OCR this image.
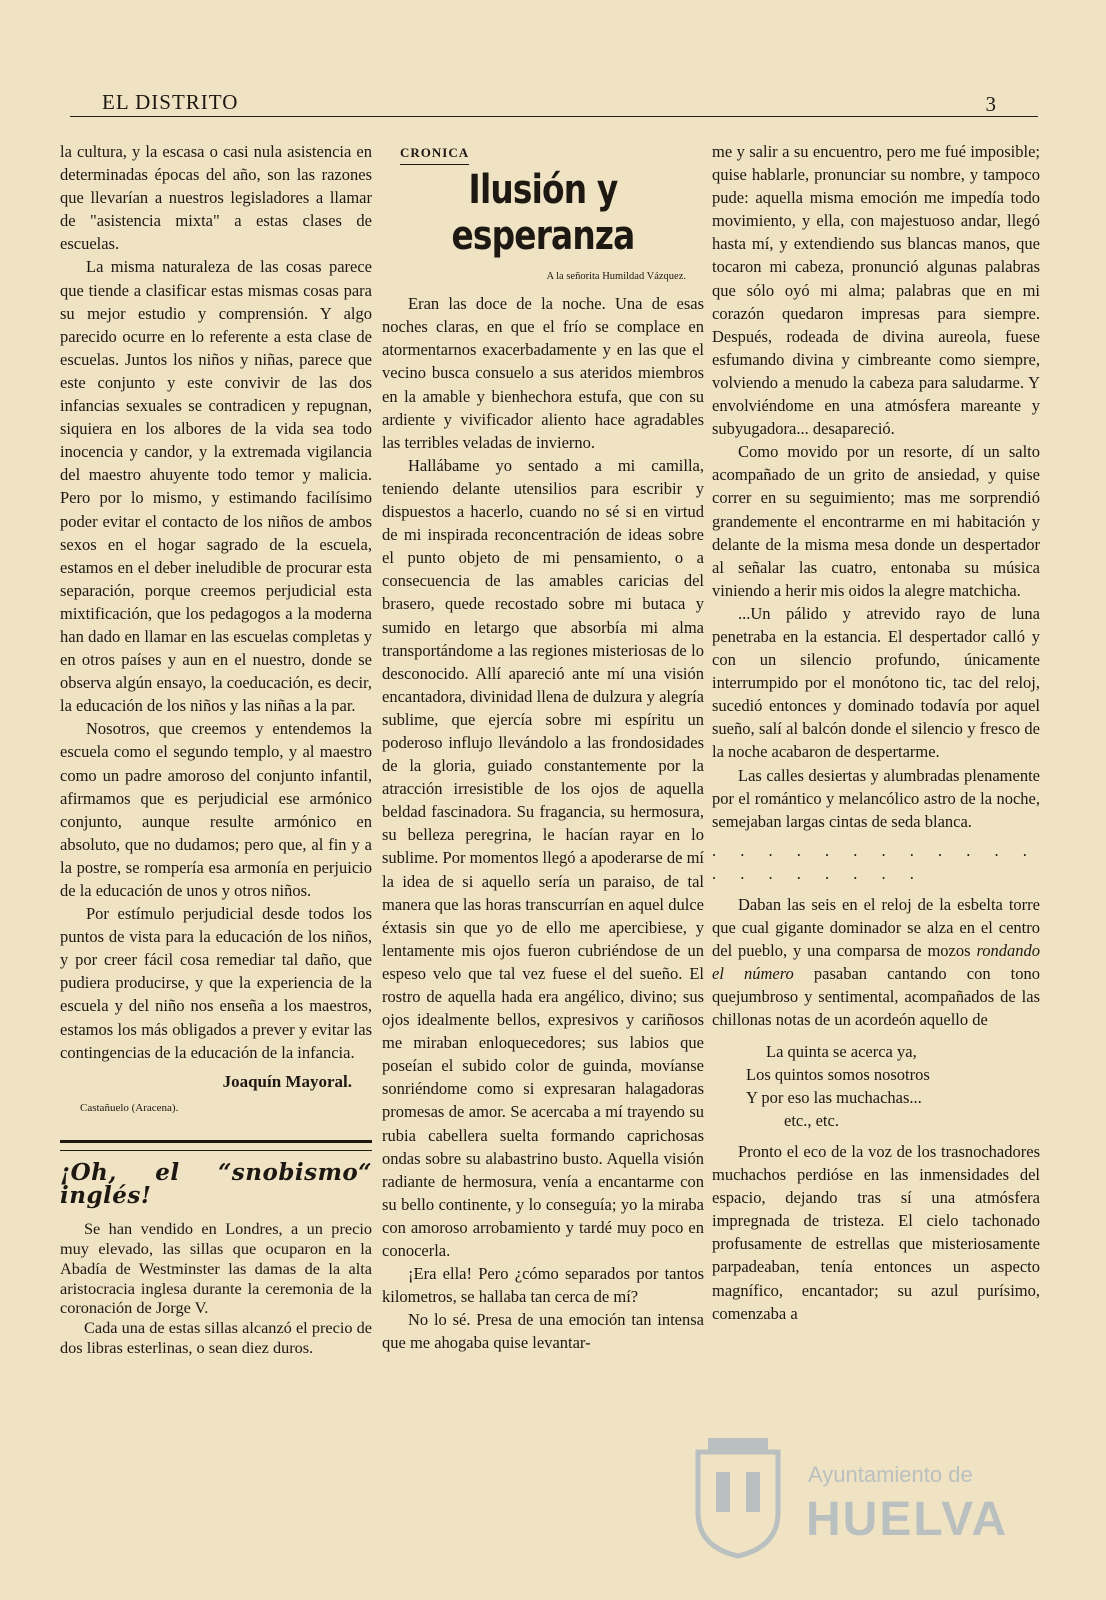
EL DISTRITO	3

la cultura, y la escasa o casi nula asistencia en determinadas épocas del año, son las razones que llevarían a nuestros legisladores a llamar de "asistencia mixta" a estas clases de escuelas.

La misma naturaleza de las cosas parece que tiende a clasificar estas mismas cosas para su mejor estudio y comprensión. Y algo parecido ocurre en lo referente a esta clase de escuelas. Juntos los niños y niñas, parece que este conjunto y este convivir de las dos infancias sexuales se contradicen y repugnan, siquiera en los albores de la vida sea todo inocencia y candor, y la extremada vigilancia del maestro ahuyente todo temor y malicia. Pero por lo mismo, y estimando facilísimo poder evitar el contacto de los niños de ambos sexos en el hogar sagrado de la escuela, estamos en el deber ineludible de procurar esta separación, porque creemos perjudicial esta mixtificación, que los pedagogos a la moderna han dado en llamar en las escuelas completas y en otros países y aun en el nuestro, donde se observa algún ensayo, la coeducación, es decir, la educación de los niños y las niñas a la par.

Nosotros, que creemos y entendemos la escuela como el segundo templo, y al maestro como un padre amoroso del conjunto infantil, afirmamos que es perjudicial ese armónico conjunto, aunque resulte armónico en absoluto, que no dudamos; pero que, al fin y a la postre, se rompería esa armonía en perjuicio de la educación de unos y otros niños.

Por estímulo perjudicial desde todos los puntos de vista para la educación de los niños, y por creer fácil cosa remediar tal daño, que pudiera producirse, y que la experiencia de la escuela y del niño nos enseña a los maestros, estamos los más obligados a prever y evitar las contingencias de la educación de la infancia.

Joaquín Mayoral.
Castañuelo (Aracena).
¡Oh, el “snobismo“ inglés!

Se han vendido en Londres, a un precio muy elevado, las sillas que ocuparon en la Abadía de Westminster las damas de la alta aristocracia inglesa durante la ceremonia de la coronación de Jorge V.

Cada una de estas sillas alcanzó el precio de dos libras esterlinas, o sean diez duros.

CRONICA
Ilusión y esperanza
A la señorita Humildad Vázquez.

Eran las doce de la noche. Una de esas noches claras, en que el frío se complace en atormentarnos exacerbadamente y en las que el vecino busca consuelo a sus ateridos miembros en la amable y bienhechora estufa, que con su ardiente y vivificador aliento hace agradables las terribles veladas de invierno.

Hallábame yo sentado a mi camilla, teniendo delante utensilios para escribir y dispuestos a hacerlo, cuando no sé si en virtud de mi inspirada reconcentración de ideas sobre el punto objeto de mi pensamiento, o a consecuencia de las amables caricias del brasero, quede recostado sobre mi butaca y sumido en letargo que absorbía mi alma transportándome a las regiones misteriosas de lo desconocido. Allí apareció ante mí una visión encantadora, divinidad llena de dulzura y alegría sublime, que ejercía sobre mi espíritu un poderoso influjo llevándolo a las frondosidades de la gloria, guiado constantemente por la atracción irresistible de los ojos de aquella beldad fascinadora. Su fragancia, su hermosura, su belleza peregrina, le hacían rayar en lo sublime. Por momentos llegó a apoderarse de mí la idea de si aquello sería un paraiso, de tal manera que las horas transcurrían en aquel dulce éxtasis sin que yo de ello me apercibiese, y lentamente mis ojos fueron cubriéndose de un espeso velo que tal vez fuese el del sueño. El rostro de aquella hada era angélico, divino; sus ojos idealmente bellos, expresivos y cariñosos me miraban enloquecedores; sus labios que poseían el subido color de guinda, movíanse sonriéndome como si expresaran halagadoras promesas de amor. Se acercaba a mí trayendo su rubia cabellera suelta formando caprichosas ondas sobre su alabastrino busto. Aquella visión radiante de hermosura, venía a encantarme con su bello continente, y lo conseguía; yo la miraba con amoroso arrobamiento y tardé muy poco en conocerla.

¡Era ella! Pero ¿cómo separados por tantos kilometros, se hallaba tan cerca de mí?

No lo sé. Presa de una emoción tan intensa que me ahogaba quise levantar-

me y salir a su encuentro, pero me fué imposible; quise hablarle, pronunciar su nombre, y tampoco pude: aquella misma emoción me impedía todo movimiento, y ella, con majestuoso andar, llegó hasta mí, y extendiendo sus blancas manos, que tocaron mi cabeza, pronunció algunas palabras que sólo oyó mi alma; palabras que en mi corazón quedaron impresas para siempre. Después, rodeada de divina aureola, fuese esfumando divina y cimbreante como siempre, volviendo a menudo la cabeza para saludarme. Y envolviéndome en una atmósfera mareante y subyugadora... desapareció.

Como movido por un resorte, dí un salto acompañado de un grito de ansiedad, y quise correr en su seguimiento; mas me sorprendió grandemente el encontrarme en mi habitación y delante de la misma mesa donde un despertador al señalar las cuatro, entonaba su música viniendo a herir mis oidos la alegre matchicha.

...Un pálido y atrevido rayo de luna penetraba en la estancia. El despertador calló y con un silencio profundo, únicamente interrumpido por el monótono tic, tac del reloj, sucedió entonces y dominado todavía por aquel sueño, salí al balcón donde el silencio y fresco de la noche acabaron de despertarme.

Las calles desiertas y alumbradas plenamente por el romántico y melancólico astro de la noche, semejaban largas cintas de seda blanca.

. . . . . . . . . . . . . . . . . . . .

Daban las seis en el reloj de la esbelta torre que cual gigante dominador se alza en el centro del pueblo, y una comparsa de mozos rondando el número pasaban cantando con tono quejumbroso y sentimental, acompañados de las chillonas notas de un acordeón aquello de

La quinta se acerca ya,
Los quintos somos nosotros
Y por eso las muchachas...
etc., etc.

Pronto el eco de la voz de los trasnochadores muchachos perdióse en las inmensidades del espacio, dejando tras sí una atmósfera impregnada de tristeza. El cielo tachonado profusamente de estrellas que misteriosamente parpadeaban, tenía entonces un aspecto magnífico, encantador; su azul purísimo, comenzaba a

Ayuntamiento de
HUELVA
